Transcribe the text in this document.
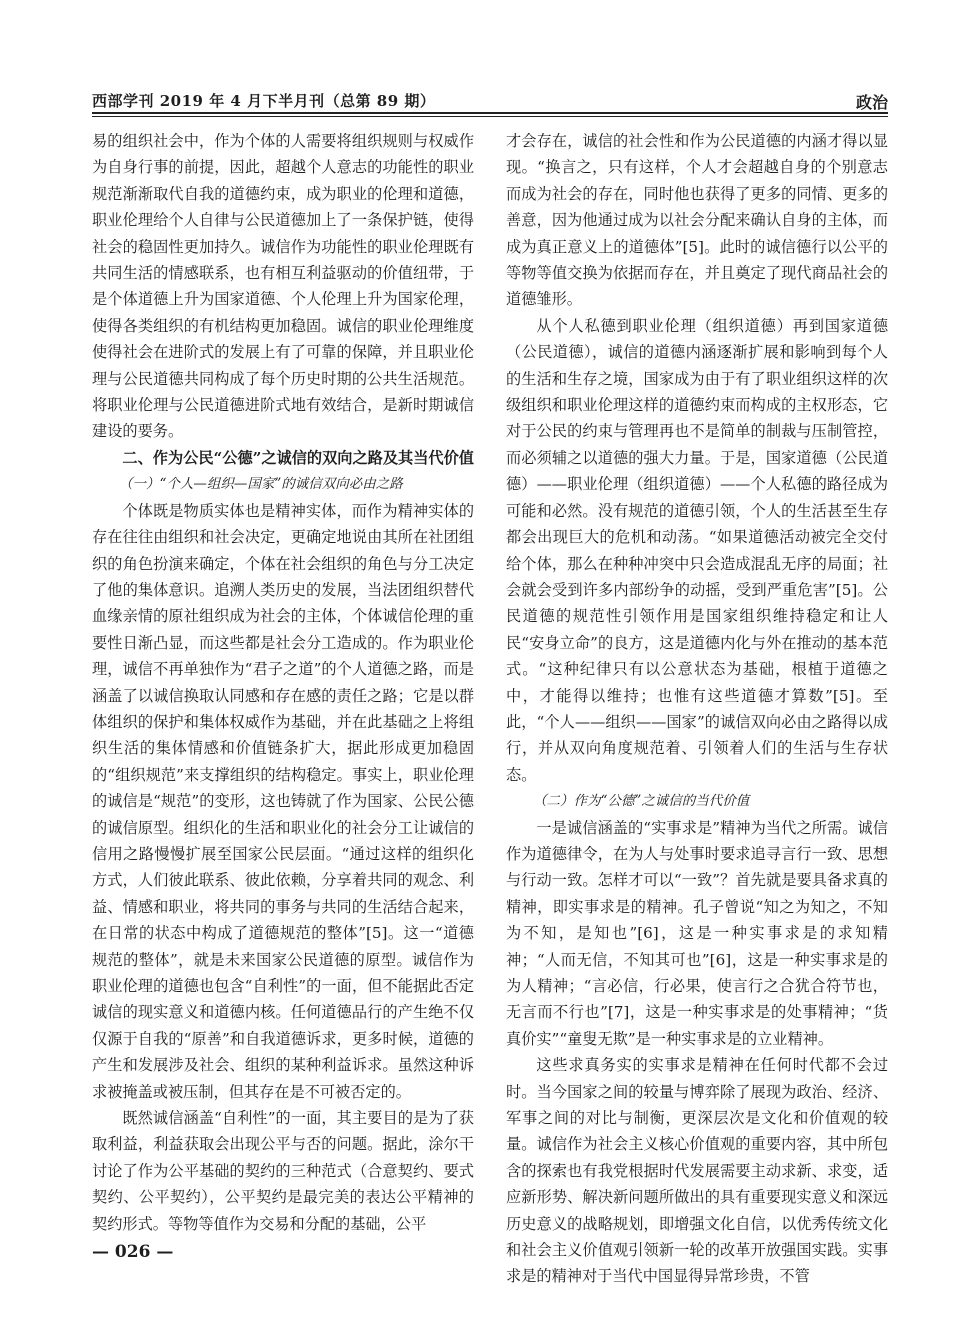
西部学刊 2019 年 4 月下半月刊（总第 89 期）	政治

易的组织社会中，作为个体的人需要将组织规则与权威作为自身行事的前提，因此，超越个人意志的功能性的职业规范渐渐取代自我的道德约束，成为职业的伦理和道德，职业伦理给个人自律与公民道德加上了一条保护链，使得社会的稳固性更加持久。诚信作为功能性的职业伦理既有共同生活的情感联系，也有相互利益驱动的价值纽带，于是个体道德上升为国家道德、个人伦理上升为国家伦理，使得各类组织的有机结构更加稳固。诚信的职业伦理维度使得社会在进阶式的发展上有了可靠的保障，并且职业伦理与公民道德共同构成了每个历史时期的公共生活规范。将职业伦理与公民道德进阶式地有效结合，是新时期诚信建设的要务。

二、作为公民“公德”之诚信的双向之路及其当代价值
（一）“个人—组织—国家”的诚信双向必由之路

个体既是物质实体也是精神实体，而作为精神实体的存在往往由组织和社会决定，更确定地说由其所在社团组织的角色扮演来确定，个体在社会组织的角色与分工决定了他的集体意识。追溯人类历史的发展，当法团组织替代血缘亲情的原社组织成为社会的主体，个体诚信伦理的重要性日渐凸显，而这些都是社会分工造成的。作为职业伦理，诚信不再单独作为“君子之道”的个人道德之路，而是涵盖了以诚信换取认同感和存在感的责任之路；它是以群体组织的保护和集体权威作为基础，并在此基础之上将组织生活的集体情感和价值链条扩大，据此形成更加稳固的“组织规范”来支撑组织的结构稳定。事实上，职业伦理的诚信是“规范”的变形，这也铸就了作为国家、公民公德的诚信原型。组织化的生活和职业化的社会分工让诚信的信用之路慢慢扩展至国家公民层面。“通过这样的组织化方式，人们彼此联系、彼此依赖，分享着共同的观念、利益、情感和职业，将共同的事务与共同的生活结合起来，在日常的状态中构成了道德规范的整体”[5]。这一“道德规范的整体”，就是未来国家公民道德的原型。诚信作为职业伦理的道德也包含“自利性”的一面，但不能据此否定诚信的现实意义和道德内核。任何道德品行的产生绝不仅仅源于自我的“原善”和自我道德诉求，更多时候，道德的产生和发展涉及社会、组织的某种利益诉求。虽然这种诉求被掩盖或被压制，但其存在是不可被否定的。

既然诚信涵盖“自利性”的一面，其主要目的是为了获取利益，利益获取会出现公平与否的问题。据此，涂尔干讨论了作为公平基础的契约的三种范式（合意契约、要式契约、公平契约），公平契约是最完美的表达公平精神的契约形式。等物等值作为交易和分配的基础，公平

才会存在，诚信的社会性和作为公民道德的内涵才得以显现。“换言之，只有这样，个人才会超越自身的个别意志而成为社会的存在，同时他也获得了更多的同情、更多的善意，因为他通过成为以社会分配来确认自身的主体，而成为真正意义上的道德体”[5]。此时的诚信德行以公平的等物等值交换为依据而存在，并且奠定了现代商品社会的道德雏形。

从个人私德到职业伦理（组织道德）再到国家道德（公民道德），诚信的道德内涵逐渐扩展和影响到每个人的生活和生存之境，国家成为由于有了职业组织这样的次级组织和职业伦理这样的道德约束而构成的主权形态，它对于公民的约束与管理再也不是简单的制裁与压制管控，而必须辅之以道德的强大力量。于是，国家道德（公民道德）——职业伦理（组织道德）——个人私德的路径成为可能和必然。没有规范的道德引领，个人的生活甚至生存都会出现巨大的危机和动荡。“如果道德活动被完全交付给个体，那么在种种冲突中只会造成混乱无序的局面；社会就会受到许多内部纷争的动摇，受到严重危害”[5]。公民道德的规范性引领作用是国家组织维持稳定和让人民“安身立命”的良方，这是道德内化与外在推动的基本范式。“这种纪律只有以公意状态为基础，根植于道德之中，才能得以维持；也惟有这些道德才算数”[5]。至此，“个人——组织——国家”的诚信双向必由之路得以成行，并从双向角度规范着、引领着人们的生活与生存状态。

（二）作为“公德”之诚信的当代价值

一是诚信涵盖的“实事求是”精神为当代之所需。诚信作为道德律令，在为人与处事时要求追寻言行一致、思想与行动一致。怎样才可以“一致”？首先就是要具备求真的精神，即实事求是的精神。孔子曾说“知之为知之，不知为不知，是知也”[6]，这是一种实事求是的求知精神；“人而无信，不知其可也”[6]，这是一种实事求是的为人精神；“言必信，行必果，使言行之合犹合符节也，无言而不行也”[7]，这是一种实事求是的处事精神；“货真价实”“童叟无欺”是一种实事求是的立业精神。

这些求真务实的实事求是精神在任何时代都不会过时。当今国家之间的较量与博弈除了展现为政治、经济、军事之间的对比与制衡，更深层次是文化和价值观的较量。诚信作为社会主义核心价值观的重要内容，其中所包含的探索也有我党根据时代发展需要主动求新、求变，适应新形势、解决新问题所做出的具有重要现实意义和深远历史意义的战略规划，即增强文化自信，以优秀传统文化和社会主义价值观引领新一轮的改革开放强国实践。实事求是的精神对于当代中国显得异常珍贵，不管

— 026 —
